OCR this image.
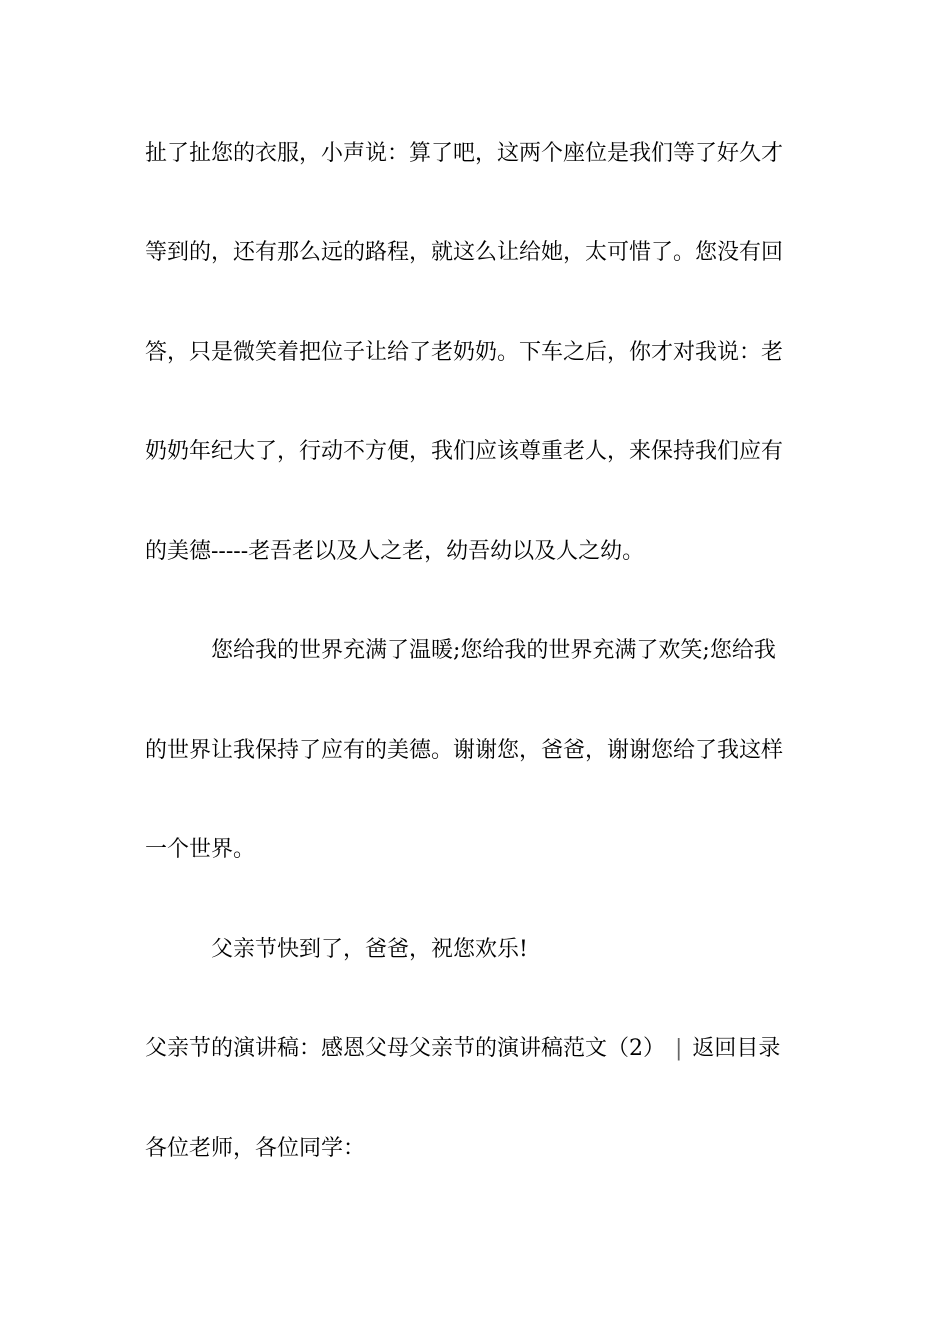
扯了扯您的衣服，小声说：算了吧，这两个座位是我们等了好久才
等到的，还有那么远的路程，就这么让给她，太可惜了。您没有回
答，只是微笑着把位子让给了老奶奶。下车之后，你才对我说：老
奶奶年纪大了，行动不方便，我们应该尊重老人，来保持我们应有
的美德-----老吾老以及人之老，幼吾幼以及人之幼。
您给我的世界充满了温暖;您给我的世界充满了欢笑;您给我
的世界让我保持了应有的美德。谢谢您，爸爸，谢谢您给了我这样
一个世界。
父亲节快到了，爸爸，祝您欢乐!
父亲节的演讲稿：感恩父母父亲节的演讲稿范文（2） | 返回目录
各位老师，各位同学：
